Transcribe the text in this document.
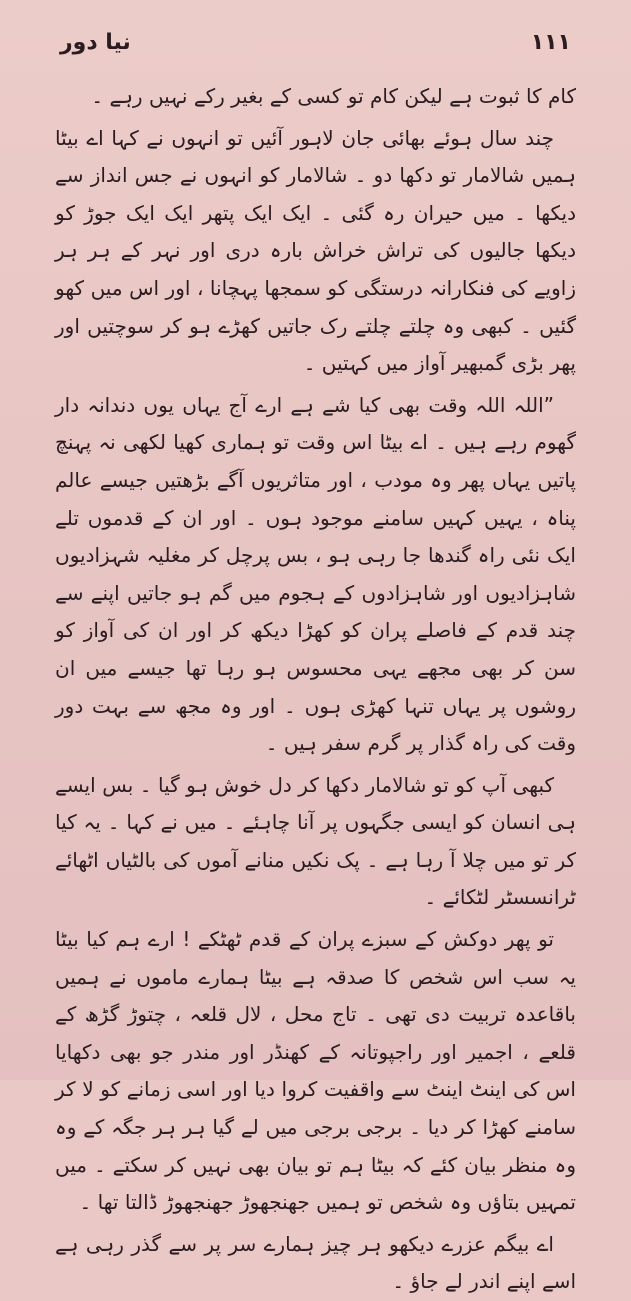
نیا دور	۱۱۱

کام کا ثبوت ہے لیکن کام تو کسی کے بغیر رکے نہیں رہے ۔

چند سال ہوئے بھائی جان لاہور آئیں تو انہوں نے کہا اے بیٹا ہمیں شالامار تو دکھا دو ۔ شالامار کو انہوں نے جس انداز سے دیکھا ۔ میں حیران رہ گئی ۔ ایک ایک پتھر ایک ایک جوڑ کو دیکھا جالیوں کی تراش خراش بارہ دری اور نہر کے ہر ہر زاویے کی فنکارانہ درستگی کو سمجھا پہچانا ، اور اس میں کھو گئیں ۔ کبھی وہ چلتے چلتے رک جاتیں کھڑے ہو کر سوچتیں اور پھر بڑی گمبھیر آواز میں کہتیں ۔

”اللہ اللہ وقت بھی کیا شے ہے ارے آج یہاں یوں دندانہ دار گھوم رہے ہیں ۔ اے بیٹا اس وقت تو ہماری کھیا لکھی نہ پہنچ پاتیں یہاں پھر وہ مودب ، اور متاثریوں آگے بڑھتیں جیسے عالم پناہ ، یہیں کہیں سامنے موجود ہوں ۔ اور ان کے قدموں تلے ایک نئی راہ گندھا جا رہی ہو ، بس پرچل کر مغلیہ شہزادیوں شاہزادیوں اور شاہزادوں کے ہجوم میں گم ہو جاتیں اپنے سے چند قدم کے فاصلے پران کو کھڑا دیکھ کر اور ان کی آواز کو سن کر بھی مجھے یہی محسوس ہو رہا تھا جیسے میں ان روشوں پر یہاں تنہا کھڑی ہوں ۔ اور وہ مجھ سے بہت دور وقت کی راہ گذار پر گرم سفر ہیں ۔

کبھی آپ کو تو شالامار دکھا کر دل خوش ہو گیا ۔ بس ایسے ہی انسان کو ایسی جگہوں پر آنا چاہئے ۔ میں نے کہا ۔ یہ کیا کر تو میں چلا آ رہا ہے ۔ پک نکیں منانے آموں کی بالٹیاں اٹھائے ٹرانسسٹر لٹکائے ۔

تو پھر دوکش کے سبزے پران کے قدم ٹھٹکے ! ارے ہم کیا بیٹا یہ سب اس شخص کا صدقہ ہے بیٹا ہمارے ماموں نے ہمیں باقاعدہ تربیت دی تھی ۔ تاج محل ، لال قلعہ ، چتوڑ گڑھ کے قلعے ، اجمیر اور راجپوتانہ کے کھنڈر اور مندر جو بھی دکھایا اس کی اینٹ اینٹ سے واقفیت کروا دیا اور اسی زمانے کو لا کر سامنے کھڑا کر دیا ۔ برجی برجی میں لے گیا ہر ہر جگہ کے وہ وہ منظر بیان کئے کہ بیٹا ہم تو بیان بھی نہیں کر سکتے ۔ میں تمہیں بتاؤں وہ شخص تو ہمیں جھنجھوڑ جھنجھوڑ ڈالتا تھا ۔

اے بیگم عزرے دیکھو ہر چیز ہمارے سر پر سے گذر رہی ہے اسے اپنے اندر لے جاؤ ۔
